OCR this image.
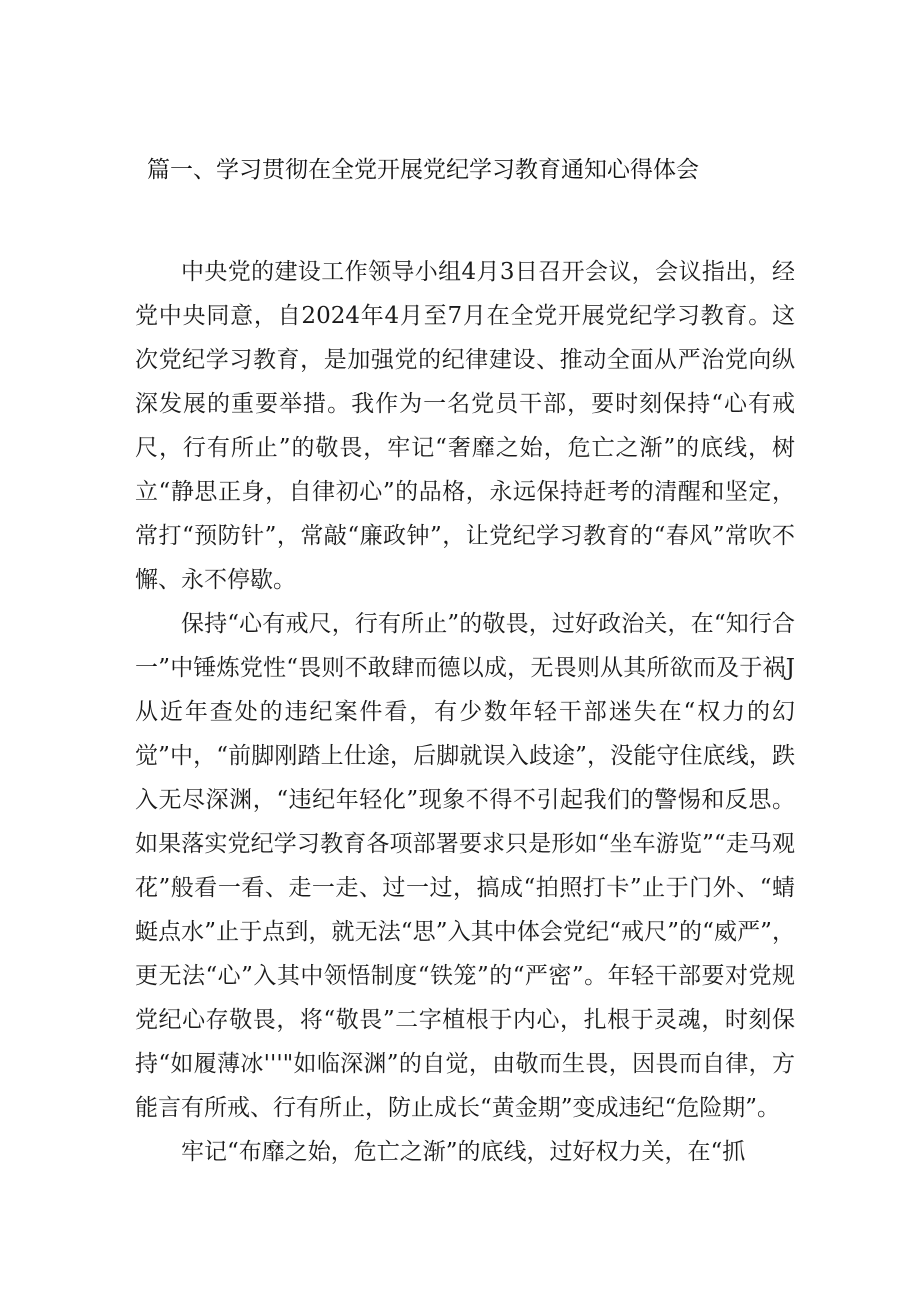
篇一、学习贯彻在全党开展党纪学习教育通知心得体会

中央党的建设工作领导小组4月3日召开会议，会议指出，经党中央同意，自2024年4月至7月在全党开展党纪学习教育。这次党纪学习教育，是加强党的纪律建设、推动全面从严治党向纵深发展的重要举措。我作为一名党员干部，要时刻保持“心有戒尺，行有所止”的敬畏，牢记“奢靡之始，危亡之渐”的底线，树立“静思正身，自律初心”的品格，永远保持赶考的清醒和坚定，常打“预防针”，常敲“廉政钟”，让党纪学习教育的“春风”常吹不懈、永不停歇。

保持“心有戒尺，行有所止”的敬畏，过好政治关，在“知行合一”中锤炼党性“畏则不敢肆而德以成，无畏则从其所欲而及于祸J从近年查处的违纪案件看，有少数年轻干部迷失在“权力的幻觉”中，“前脚刚踏上仕途，后脚就误入歧途”，没能守住底线，跌入无尽深渊，“违纪年轻化”现象不得不引起我们的警惕和反思。如果落实党纪学习教育各项部署要求只是形如“坐车游览”“走马观花”般看一看、走一走、过一过，搞成“拍照打卡”止于门外、“蜻蜓点水”止于点到，就无法“思”入其中体会党纪“戒尺”的“威严”，更无法“心”入其中领悟制度“铁笼”的“严密”。年轻干部要对党规党纪心存敬畏，将“敬畏”二字植根于内心，扎根于灵魂，时刻保持“如履薄冰'''"如临深渊”的自觉，由敬而生畏，因畏而自律，方能言有所戒、行有所止，防止成长“黄金期”变成违纪“危险期”。

牢记“布靡之始，危亡之渐”的底线，过好权力关，在“抓
